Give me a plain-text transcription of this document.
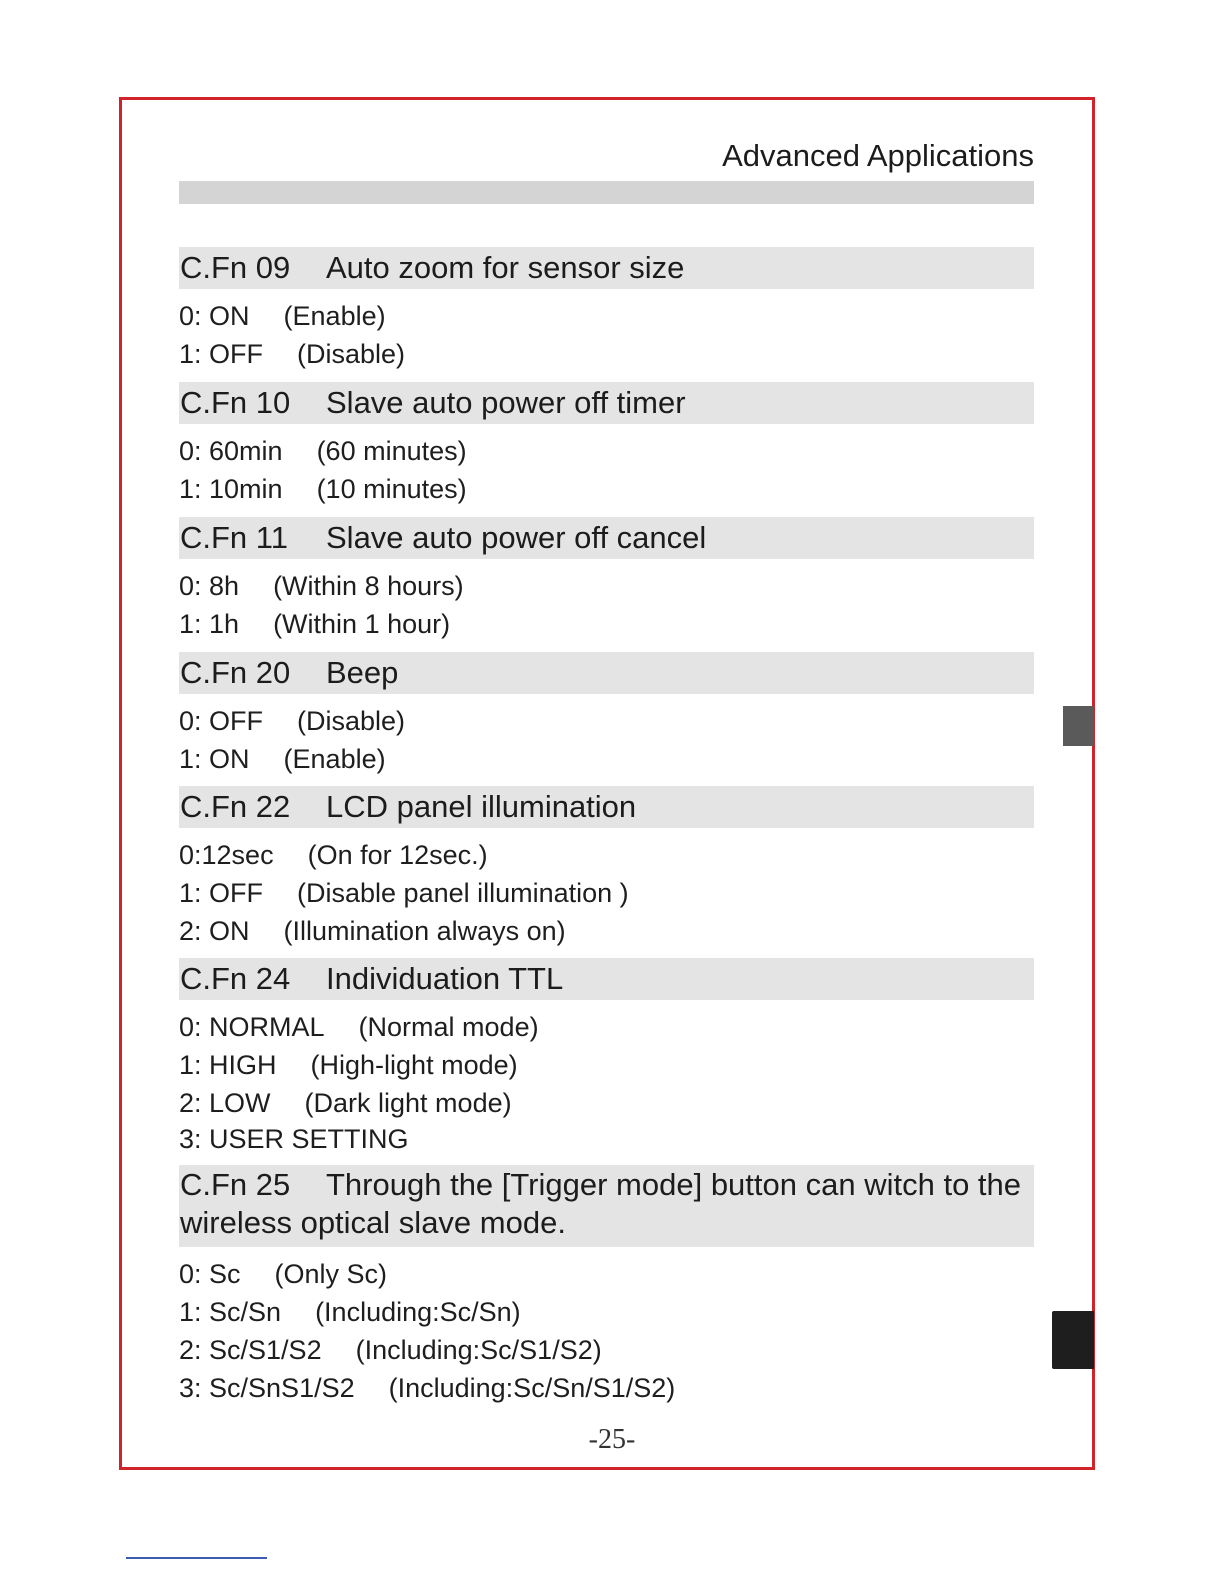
Advanced Applications
C.Fn 09 Auto zoom for sensor size
0: ON (Enable)
1: OFF (Disable)
C.Fn 10 Slave auto power off timer
0: 60min (60 minutes)
1: 10min (10 minutes)
C.Fn 11 Slave auto power off cancel
0: 8h (Within 8 hours)
1: 1h (Within 1 hour)
C.Fn 20 Beep
0: OFF (Disable)
1: ON (Enable)
C.Fn 22 LCD panel illumination
0:12sec (On for 12sec.)
1: OFF (Disable panel illumination )
2: ON (Illumination always on)
C.Fn 24 Individuation TTL
0: NORMAL (Normal mode)
1: HIGH (High-light mode)
2: LOW (Dark light mode)
3: USER SETTING
C.Fn 25 Through the [Trigger mode] button can witch to the wireless optical slave mode.
0: Sc (Only Sc)
1: Sc/Sn (Including:Sc/Sn)
2: Sc/S1/S2 (Including:Sc/S1/S2)
3: Sc/SnS1/S2 (Including:Sc/Sn/S1/S2)
-25-
